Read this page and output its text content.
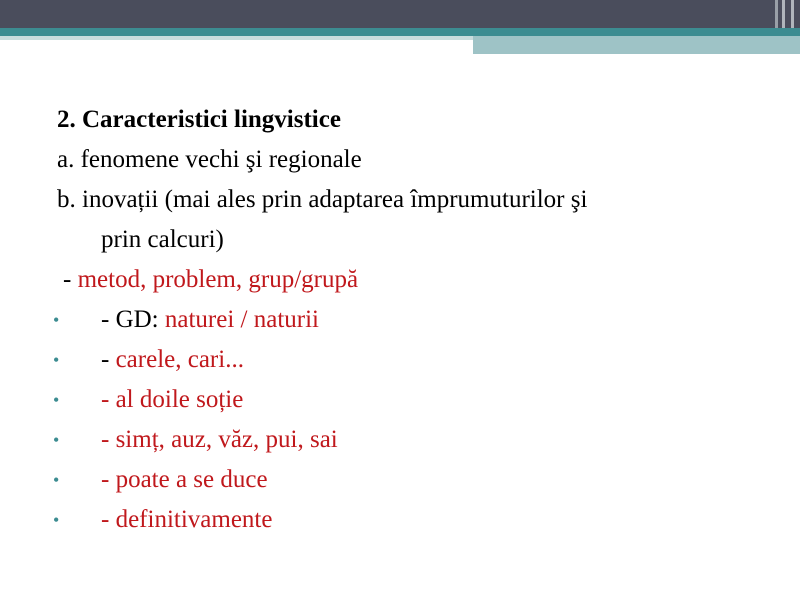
2. Caracteristici lingvistice
a. fenomene vechi şi regionale
b. inovații (mai ales prin adaptarea împrumuturilor şi
prin calcuri)
- metod, problem, grup/grupă
• - GD: naturei / naturii
• - carele, cari...
• - al doile soție
• - simț, auz, văz, pui, sai
• - poate a se duce
• - definitivamente
